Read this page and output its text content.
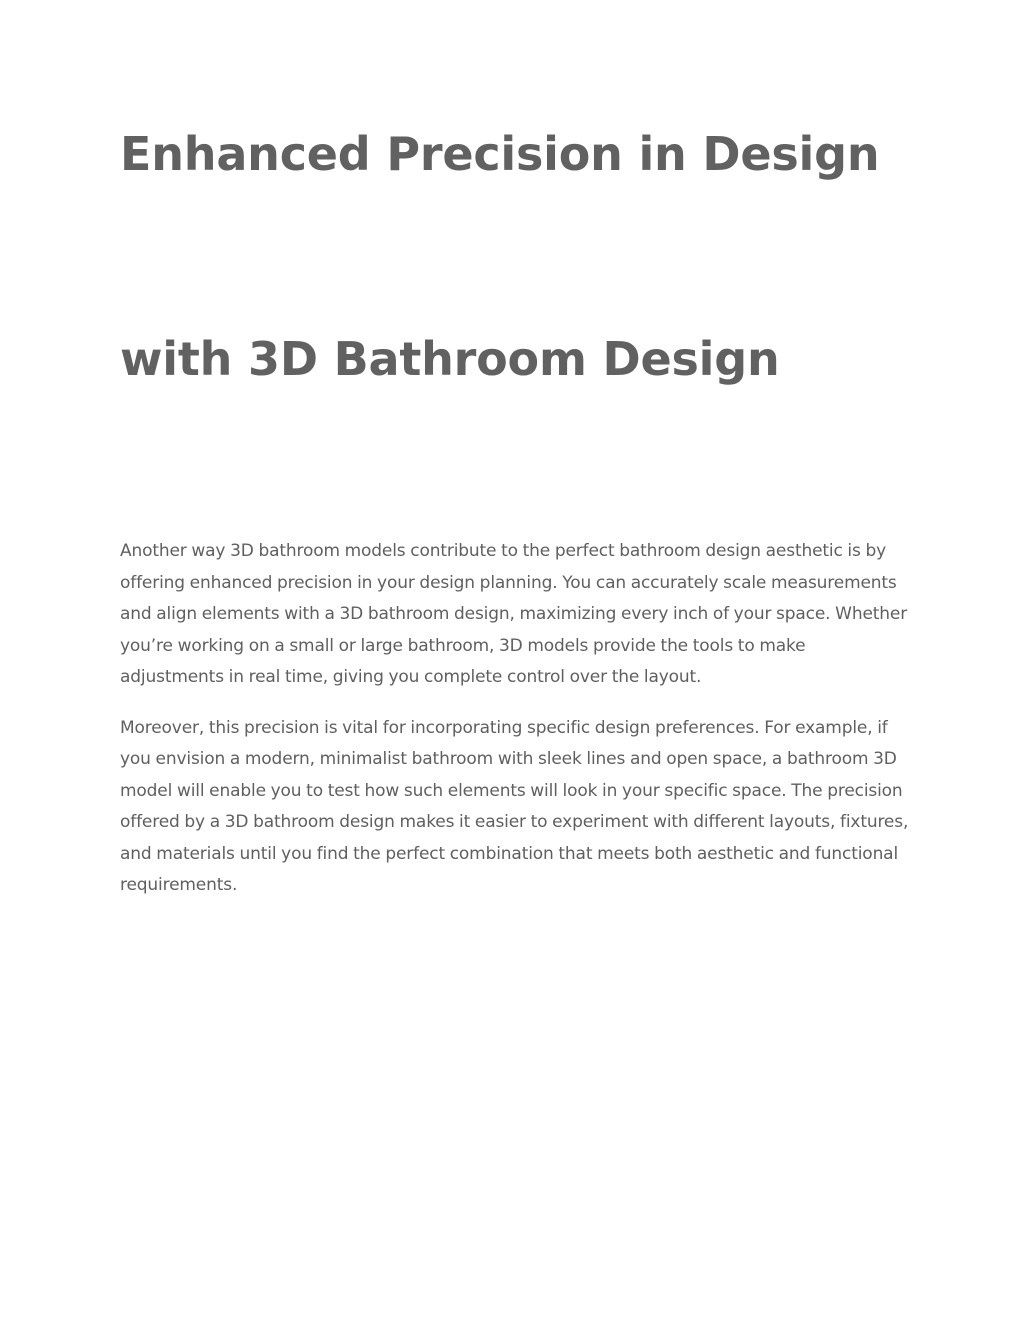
Enhanced Precision in Design
with 3D Bathroom Design

Another way 3D bathroom models contribute to the perfect bathroom design aesthetic is by offering enhanced precision in your design planning. You can accurately scale measurements and align elements with a 3D bathroom design, maximizing every inch of your space. Whether you’re working on a small or large bathroom, 3D models provide the tools to make adjustments in real time, giving you complete control over the layout.

Moreover, this precision is vital for incorporating specific design preferences. For example, if you envision a modern, minimalist bathroom with sleek lines and open space, a bathroom 3D model will enable you to test how such elements will look in your specific space. The precision offered by a 3D bathroom design makes it easier to experiment with different layouts, fixtures, and materials until you find the perfect combination that meets both aesthetic and functional requirements.
